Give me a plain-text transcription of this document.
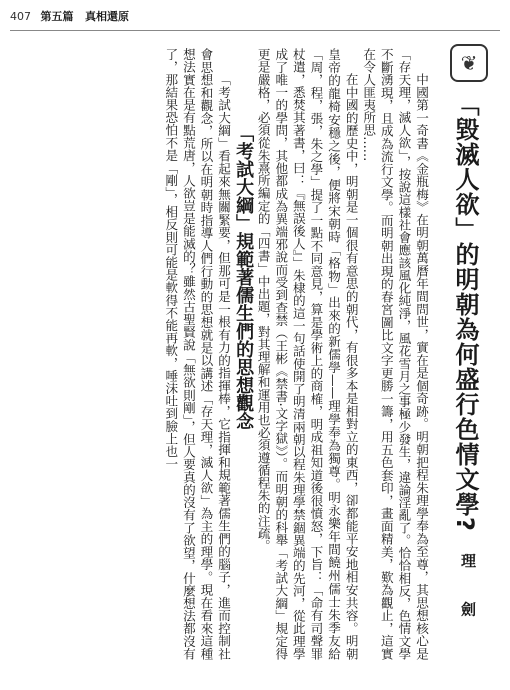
407 第五篇 真相還原
❦
「毀滅人欲」的明朝為何盛行色情文學?
理 劍

中國第一奇書《金瓶梅》在明朝萬曆年間問世，實在是個奇跡。明朝把程朱理學奉為至尊，其思想核心是「存天理，滅人欲」，按說這樣社會應該風化純淨，風花雪月之事極少發生，違論淫亂了。恰恰相反，色情文學不斷湧現，且成為流行文學。而明朝出現的春宮圖比文字更勝一籌，用五色套印，畫面精美，歎為觀止，這實在令人匪夷所思……

在中國的歷史中，明朝是一個很有意思的朝代，有很多本是相對立的東西，卻都能平安地相安共容。明朝皇帝的龍椅安穩之後，便將宋朝時「格物」出來的新儒學——理學奉為獨尊。明永樂年間饒州儒士朱季友給「周，程，張，朱之學」提了一點不同意見，算是學術上的商榷，明成祖知道後很憤怒，下旨：「命有司聲罪杖遣，悉焚其著書，曰：『無誤後人』」朱棣的這一句話使開了明清兩朝以程朱理學禁錮異端的先河，從此理學成了唯一的學問，其他都成為異端邪說而受到查禁（王彬《禁書·文字獄》）。而明朝的科舉「考試大綱」規定得更是嚴格，必須從朱熹所編定的「四書」中出題，對其理解和運用也必須遵循程朱的注疏。

「考試大綱」規範著儒生們的思想觀念

「考試大綱」看起來無關緊要，但那可是一根有力的指揮棒，它指揮和規範著儒生們的腦子，進而控制社會思想和觀念，所以在明朝時指導人們行動的思想就是以講述「存天理，滅人欲」為主的理學。現在看來這種想法實在是有點荒唐，人欲豈是能滅的？雖然古聖賢說「無欲則剛」，但人要真的沒有了欲望，什麼想法都沒有了，那結果恐怕不是「剛」，相反則可能是軟得不能再軟，唾沫吐到臉上也一
